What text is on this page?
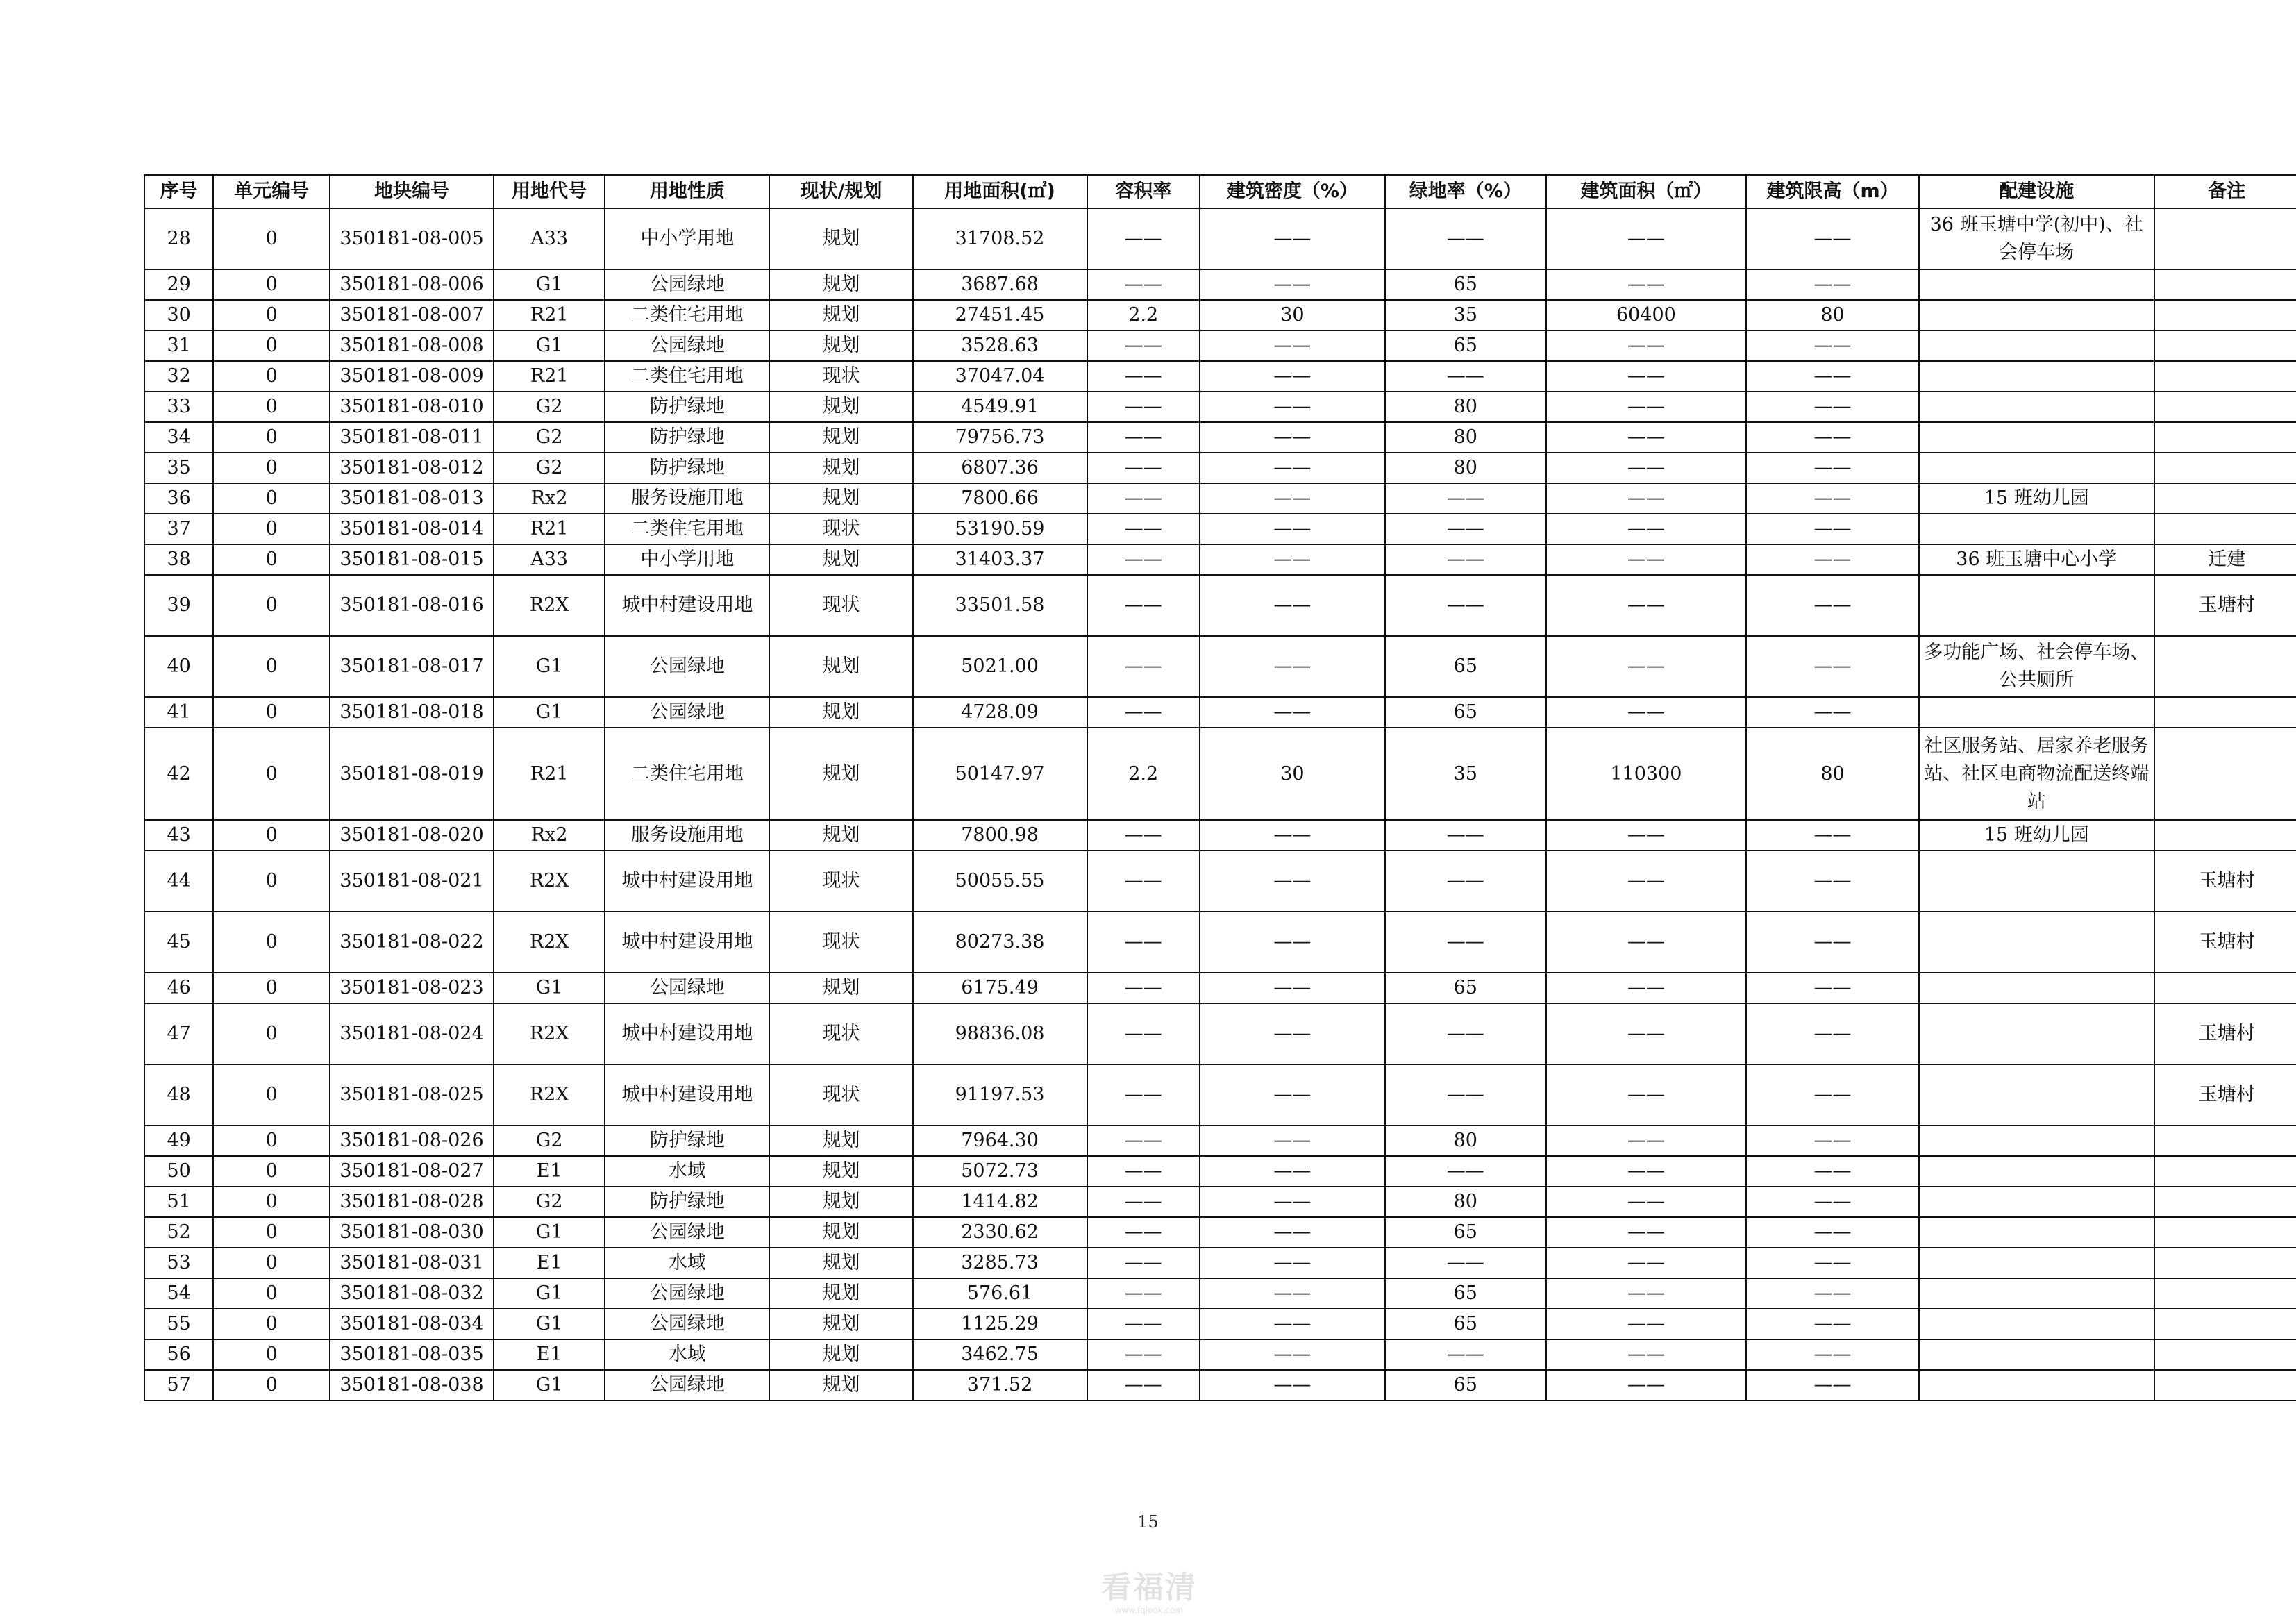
序号	单元编号	地块编号	用地代号	用地性质	现状/规划	用地面积(㎡)	容积率	建筑密度（%）	绿地率（%）	建筑面积（㎡）	建筑限高（m）	配建设施	备注
28	0	350181-08-005	A33	中小学用地	规划	31708.52	——	——	——	——	——	36 班玉塘中学(初中)、社会停车场	
29	0	350181-08-006	G1	公园绿地	规划	3687.68	——	——	65	——	——		
30	0	350181-08-007	R21	二类住宅用地	规划	27451.45	2.2	30	35	60400	80		
31	0	350181-08-008	G1	公园绿地	规划	3528.63	——	——	65	——	——		
32	0	350181-08-009	R21	二类住宅用地	现状	37047.04	——	——	——	——	——		
33	0	350181-08-010	G2	防护绿地	规划	4549.91	——	——	80	——	——		
34	0	350181-08-011	G2	防护绿地	规划	79756.73	——	——	80	——	——		
35	0	350181-08-012	G2	防护绿地	规划	6807.36	——	——	80	——	——		
36	0	350181-08-013	Rx2	服务设施用地	规划	7800.66	——	——	——	——	——	15 班幼儿园	
37	0	350181-08-014	R21	二类住宅用地	现状	53190.59	——	——	——	——	——		
38	0	350181-08-015	A33	中小学用地	规划	31403.37	——	——	——	——	——	36 班玉塘中心小学	迁建
39	0	350181-08-016	R2X	城中村建设用地	现状	33501.58	——	——	——	——	——		玉塘村
40	0	350181-08-017	G1	公园绿地	规划	5021.00	——	——	65	——	——	多功能广场、社会停车场、公共厕所	
41	0	350181-08-018	G1	公园绿地	规划	4728.09	——	——	65	——	——		
42	0	350181-08-019	R21	二类住宅用地	规划	50147.97	2.2	30	35	110300	80	社区服务站、居家养老服务站、社区电商物流配送终端站	
43	0	350181-08-020	Rx2	服务设施用地	规划	7800.98	——	——	——	——	——	15 班幼儿园	
44	0	350181-08-021	R2X	城中村建设用地	现状	50055.55	——	——	——	——	——		玉塘村
45	0	350181-08-022	R2X	城中村建设用地	现状	80273.38	——	——	——	——	——		玉塘村
46	0	350181-08-023	G1	公园绿地	规划	6175.49	——	——	65	——	——		
47	0	350181-08-024	R2X	城中村建设用地	现状	98836.08	——	——	——	——	——		玉塘村
48	0	350181-08-025	R2X	城中村建设用地	现状	91197.53	——	——	——	——	——		玉塘村
49	0	350181-08-026	G2	防护绿地	规划	7964.30	——	——	80	——	——		
50	0	350181-08-027	E1	水域	规划	5072.73	——	——	——	——	——		
51	0	350181-08-028	G2	防护绿地	规划	1414.82	——	——	80	——	——		
52	0	350181-08-030	G1	公园绿地	规划	2330.62	——	——	65	——	——		
53	0	350181-08-031	E1	水域	规划	3285.73	——	——	——	——	——		
54	0	350181-08-032	G1	公园绿地	规划	576.61	——	——	65	——	——		
55	0	350181-08-034	G1	公园绿地	规划	1125.29	——	——	65	——	——		
56	0	350181-08-035	E1	水域	规划	3462.75	——	——	——	——	——		
57	0	350181-08-038	G1	公园绿地	规划	371.52	——	——	65	——	——		
15
看福清
www.fqlook.com
